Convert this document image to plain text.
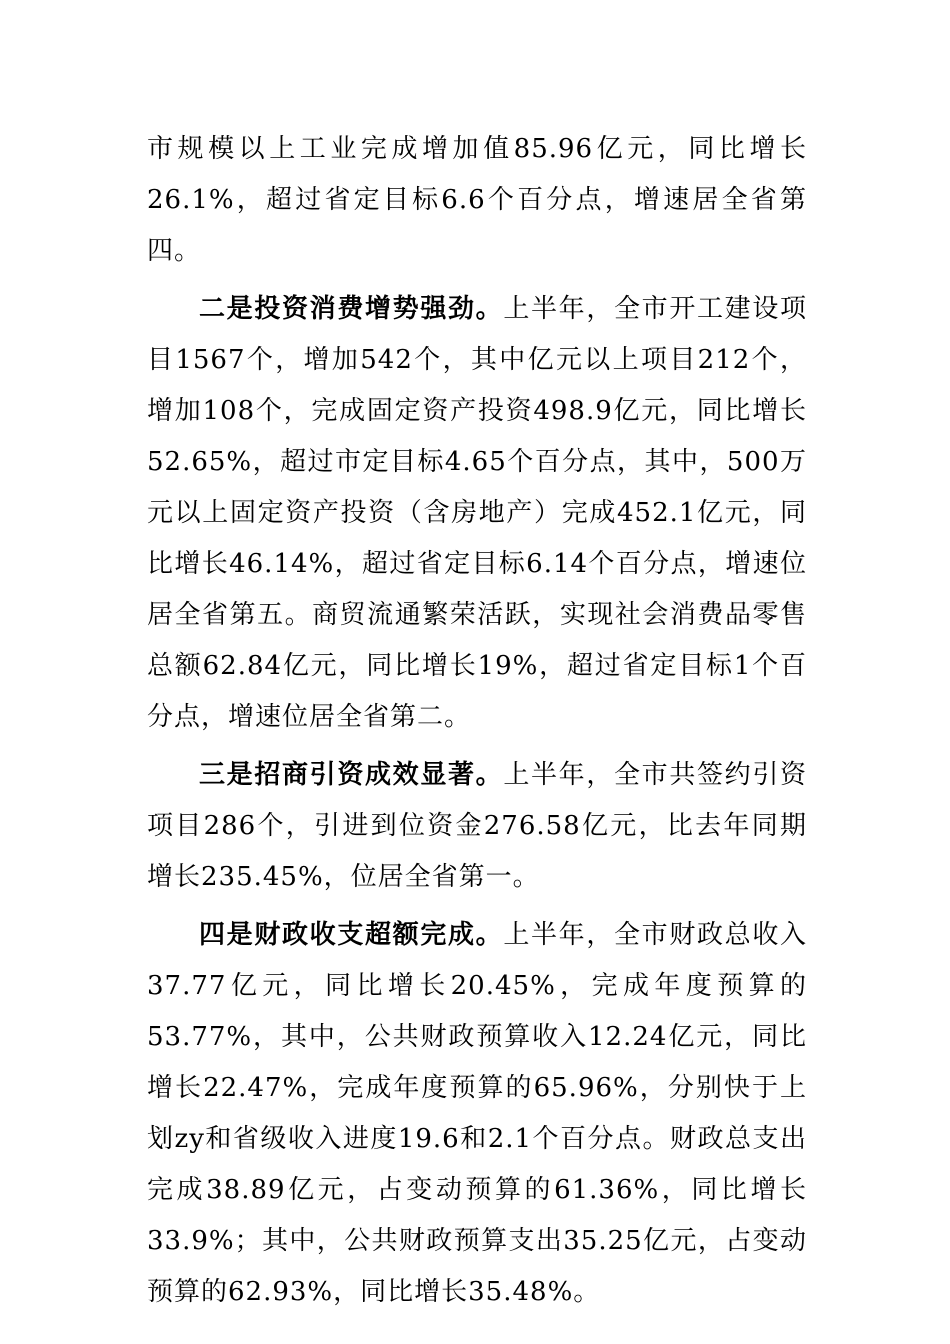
市规模以上工业完成增加值85.96亿元，同比增长26.1%，超过省定目标6.6个百分点，增速居全省第四。

二是投资消费增势强劲。上半年，全市开工建设项目1567个，增加542个，其中亿元以上项目212个，增加108个，完成固定资产投资498.9亿元，同比增长52.65%，超过市定目标4.65个百分点，其中，500万元以上固定资产投资（含房地产）完成452.1亿元，同比增长46.14%，超过省定目标6.14个百分点，增速位居全省第五。商贸流通繁荣活跃，实现社会消费品零售总额62.84亿元，同比增长19%，超过省定目标1个百分点，增速位居全省第二。

三是招商引资成效显著。上半年，全市共签约引资项目286个，引进到位资金276.58亿元，比去年同期增长235.45%，位居全省第一。

四是财政收支超额完成。上半年，全市财政总收入37.77亿元，同比增长20.45%，完成年度预算的53.77%，其中，公共财政预算收入12.24亿元，同比增长22.47%，完成年度预算的65.96%，分别快于上划zy和省级收入进度19.6和2.1个百分点。财政总支出完成38.89亿元，占变动预算的61.36%，同比增长33.9%；其中，公共财政预算支出35.25亿元，占变动预算的62.93%，同比增长35.48%。
